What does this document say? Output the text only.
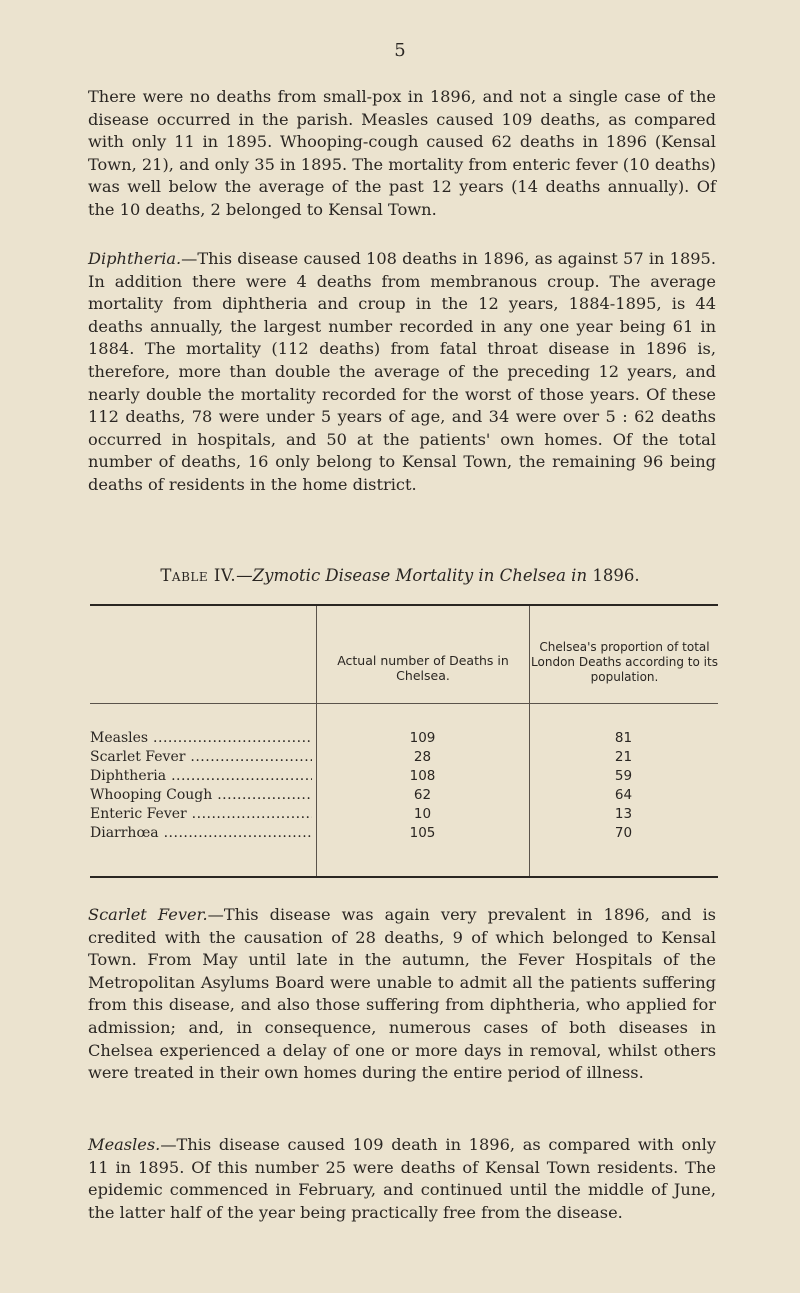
5

There were no deaths from small-pox in 1896, and not a single case of the disease occurred in the parish. Measles caused 109 deaths, as compared with only 11 in 1895. Whooping-cough caused 62 deaths in 1896 (Kensal Town, 21), and only 35 in 1895. The mortality from enteric fever (10 deaths) was well below the average of the past 12 years (14 deaths annually). Of the 10 deaths, 2 belonged to Kensal Town.

Diphtheria.—This disease caused 108 deaths in 1896, as against 57 in 1895. In addition there were 4 deaths from membranous croup. The average mortality from diphtheria and croup in the 12 years, 1884-1895, is 44 deaths annually, the largest number recorded in any one year being 61 in 1884. The mortality (112 deaths) from fatal throat disease in 1896 is, therefore, more than double the average of the preceding 12 years, and nearly double the mortality recorded for the worst of those years. Of these 112 deaths, 78 were under 5 years of age, and 34 were over 5 : 62 deaths occurred in hospitals, and 50 at the patients' own homes. Of the total number of deaths, 16 only belong to Kensal Town, the remaining 96 being deaths of residents in the home district.

Table IV.—Zymotic Disease Mortality in Chelsea in 1896.
Actual number of Deaths in Chelsea.
Chelsea's proportion of total London Deaths according to its population.
Measles .....	109	81
Scarlet Fever .....	28	21
Diphtheria .....	108	59
Whooping Cough .....	62	64
Enteric Fever .....	10	13
Diarrhœa .....	105	70

Scarlet Fever.—This disease was again very prevalent in 1896, and is credited with the causation of 28 deaths, 9 of which belonged to Kensal Town. From May until late in the autumn, the Fever Hospitals of the Metropolitan Asylums Board were unable to admit all the patients suffering from this disease, and also those suffering from diphtheria, who applied for admission; and, in consequence, numerous cases of both diseases in Chelsea experienced a delay of one or more days in removal, whilst others were treated in their own homes during the entire period of illness.

Measles.—This disease caused 109 death in 1896, as compared with only 11 in 1895. Of this number 25 were deaths of Kensal Town residents. The epidemic commenced in February, and continued until the middle of June, the latter half of the year being practically free from the disease.
